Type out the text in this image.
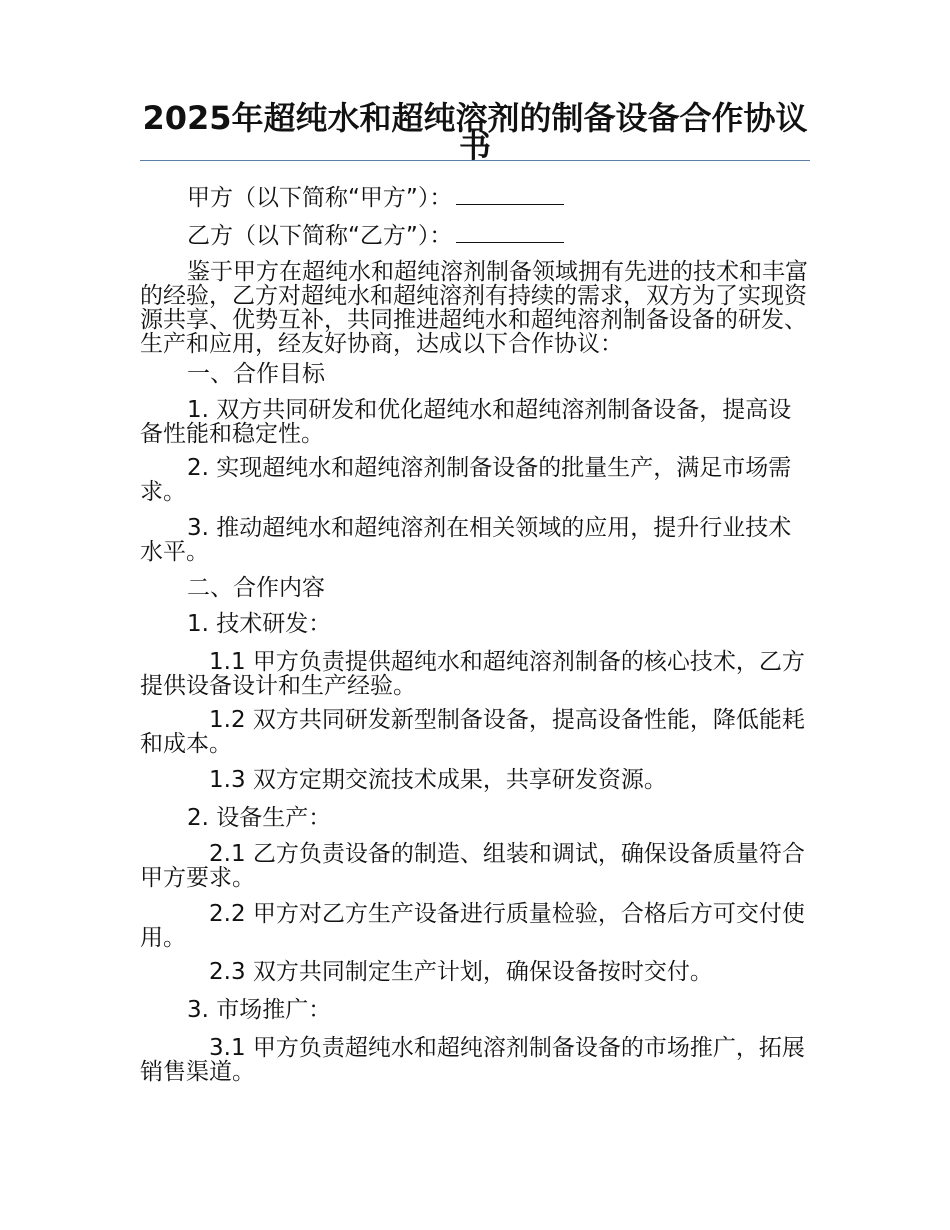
2025年超纯水和超纯溶剂的制备设备合作协议书

甲方（以下简称“甲方”）：

乙方（以下简称“乙方”）：

鉴于甲方在超纯水和超纯溶剂制备领域拥有先进的技术和丰富的经验，乙方对超纯水和超纯溶剂有持续的需求，双方为了实现资源共享、优势互补，共同推进超纯水和超纯溶剂制备设备的研发、生产和应用，经友好协商，达成以下合作协议：

一、合作目标

1. 双方共同研发和优化超纯水和超纯溶剂制备设备，提高设备性能和稳定性。

2. 实现超纯水和超纯溶剂制备设备的批量生产，满足市场需求。

3. 推动超纯水和超纯溶剂在相关领域的应用，提升行业技术水平。

二、合作内容

1. 技术研发：

1.1 甲方负责提供超纯水和超纯溶剂制备的核心技术，乙方提供设备设计和生产经验。

1.2 双方共同研发新型制备设备，提高设备性能，降低能耗和成本。

1.3 双方定期交流技术成果，共享研发资源。

2. 设备生产：

2.1 乙方负责设备的制造、组装和调试，确保设备质量符合甲方要求。

2.2 甲方对乙方生产设备进行质量检验，合格后方可交付使用。

2.3 双方共同制定生产计划，确保设备按时交付。

3. 市场推广：

3.1 甲方负责超纯水和超纯溶剂制备设备的市场推广，拓展销售渠道。
